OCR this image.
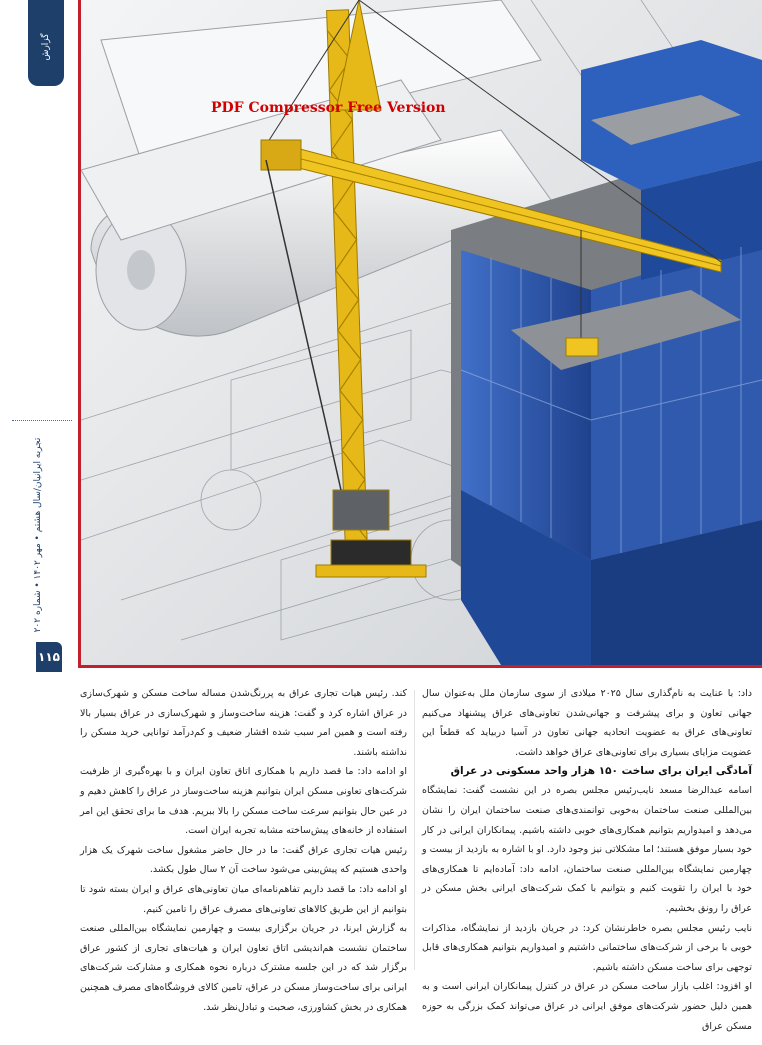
گزارش
تجربه ایرانیان/سال هشتم • مهر ۱۴۰۲ • شماره ۲۰۲
۱۱۵
PDF Compressor Free Version

داد: با عنایت به نام‌گذاری سال ۲۰۲۵ میلادی از سوی سازمان ملل به‌عنوان سال جهانی تعاون و برای پیشرفت و جهانی‌شدن تعاونی‌های عراق پیشنهاد می‌کنیم تعاونی‌های عراق به عضویت اتحادیه جهانی تعاون در آسیا دربیاید که قطعاً این عضویت مزایای بسیاری برای تعاونی‌های عراق خواهد داشت.

آمادگی ایران برای ساخت ۱۵۰ هزار واحد مسکونی در عراق

اسامه عبدالرضا مسعد نایب‌رئیس مجلس بصره در این نشست گفت: نمایشگاه بین‌المللی صنعت ساختمان به‌خوبی توانمندی‌های صنعت ساختمان ایران را نشان می‌دهد و امیدواریم بتوانیم همکاری‌های خوبی داشته باشیم. پیمانکاران ایرانی در کار خود بسیار موفق هستند؛ اما مشکلاتی نیز وجود دارد. او با اشاره به بازدید از بیست و چهارمین نمایشگاه بین‌المللی صنعت ساختمان، ادامه داد: آماده‌ایم تا همکاری‌های خود با ایران را تقویت کنیم و بتوانیم با کمک شرکت‌های ایرانی بخش مسکن در عراق را رونق بخشیم.

نایب رئیس مجلس بصره خاطرنشان کرد: در جریان بازدید از نمایشگاه، مذاکرات خوبی با برخی از شرکت‌های ساختمانی داشتیم و امیدواریم بتوانیم همکاری‌های قابل توجهی برای ساخت مسکن داشته باشیم.

او افزود: اغلب بازار ساخت مسکن در عراق در کنترل پیمانکاران ایرانی است و به همین دلیل حضور شرکت‌های موفق ایرانی در عراق می‌تواند کمک بزرگی به حوزه مسکن عراق

کند. رئیس هیات تجاری عراق به پررنگ‌شدن مساله ساخت مسکن و شهرک‌سازی در عراق اشاره کرد و گفت: هزینه ساخت‌وساز و شهرک‌سازی در عراق بسیار بالا رفته است و همین امر سبب شده اقشار ضعیف و کم‌درآمد توانایی خرید مسکن را نداشته باشند.

او ادامه داد: ما قصد داریم با همکاری اتاق تعاون ایران و با بهره‌گیری از ظرفیت شرکت‌های تعاونی مسکن ایران بتوانیم هزینه ساخت‌وساز در عراق را کاهش دهیم و در عین حال بتوانیم سرعت ساخت مسکن را بالا ببریم. هدف ما برای تحقق این امر استفاده از خانه‌های پیش‌ساخته مشابه تجربه ایران است.

رئیس هیات تجاری عراق گفت: ما در حال حاضر مشغول ساخت شهرک یک هزار واحدی هستیم که پیش‌بینی می‌شود ساخت آن ۲ سال طول بکشد.

او ادامه داد: ما قصد داریم تفاهم‌نامه‌ای میان تعاونی‌های عراق و ایران بسته شود تا بتوانیم از این طریق کالاهای تعاونی‌های مصرف عراق را تامین کنیم.

به گزارش ایرنا، در جریان برگزاری بیست و چهارمین نمایشگاه بین‌المللی صنعت ساختمان نشست هم‌اندیشی اتاق تعاون ایران و هیات‌های تجاری از کشور عراق برگزار شد که در این جلسه مشترک درباره نحوه همکاری و مشارکت شرکت‌های ایرانی برای ساخت‌وساز مسکن در عراق، تامین کالای فروشگاه‌های مصرف همچنین همکاری در بخش کشاورزی، صحبت و تبادل‌نظر شد.
